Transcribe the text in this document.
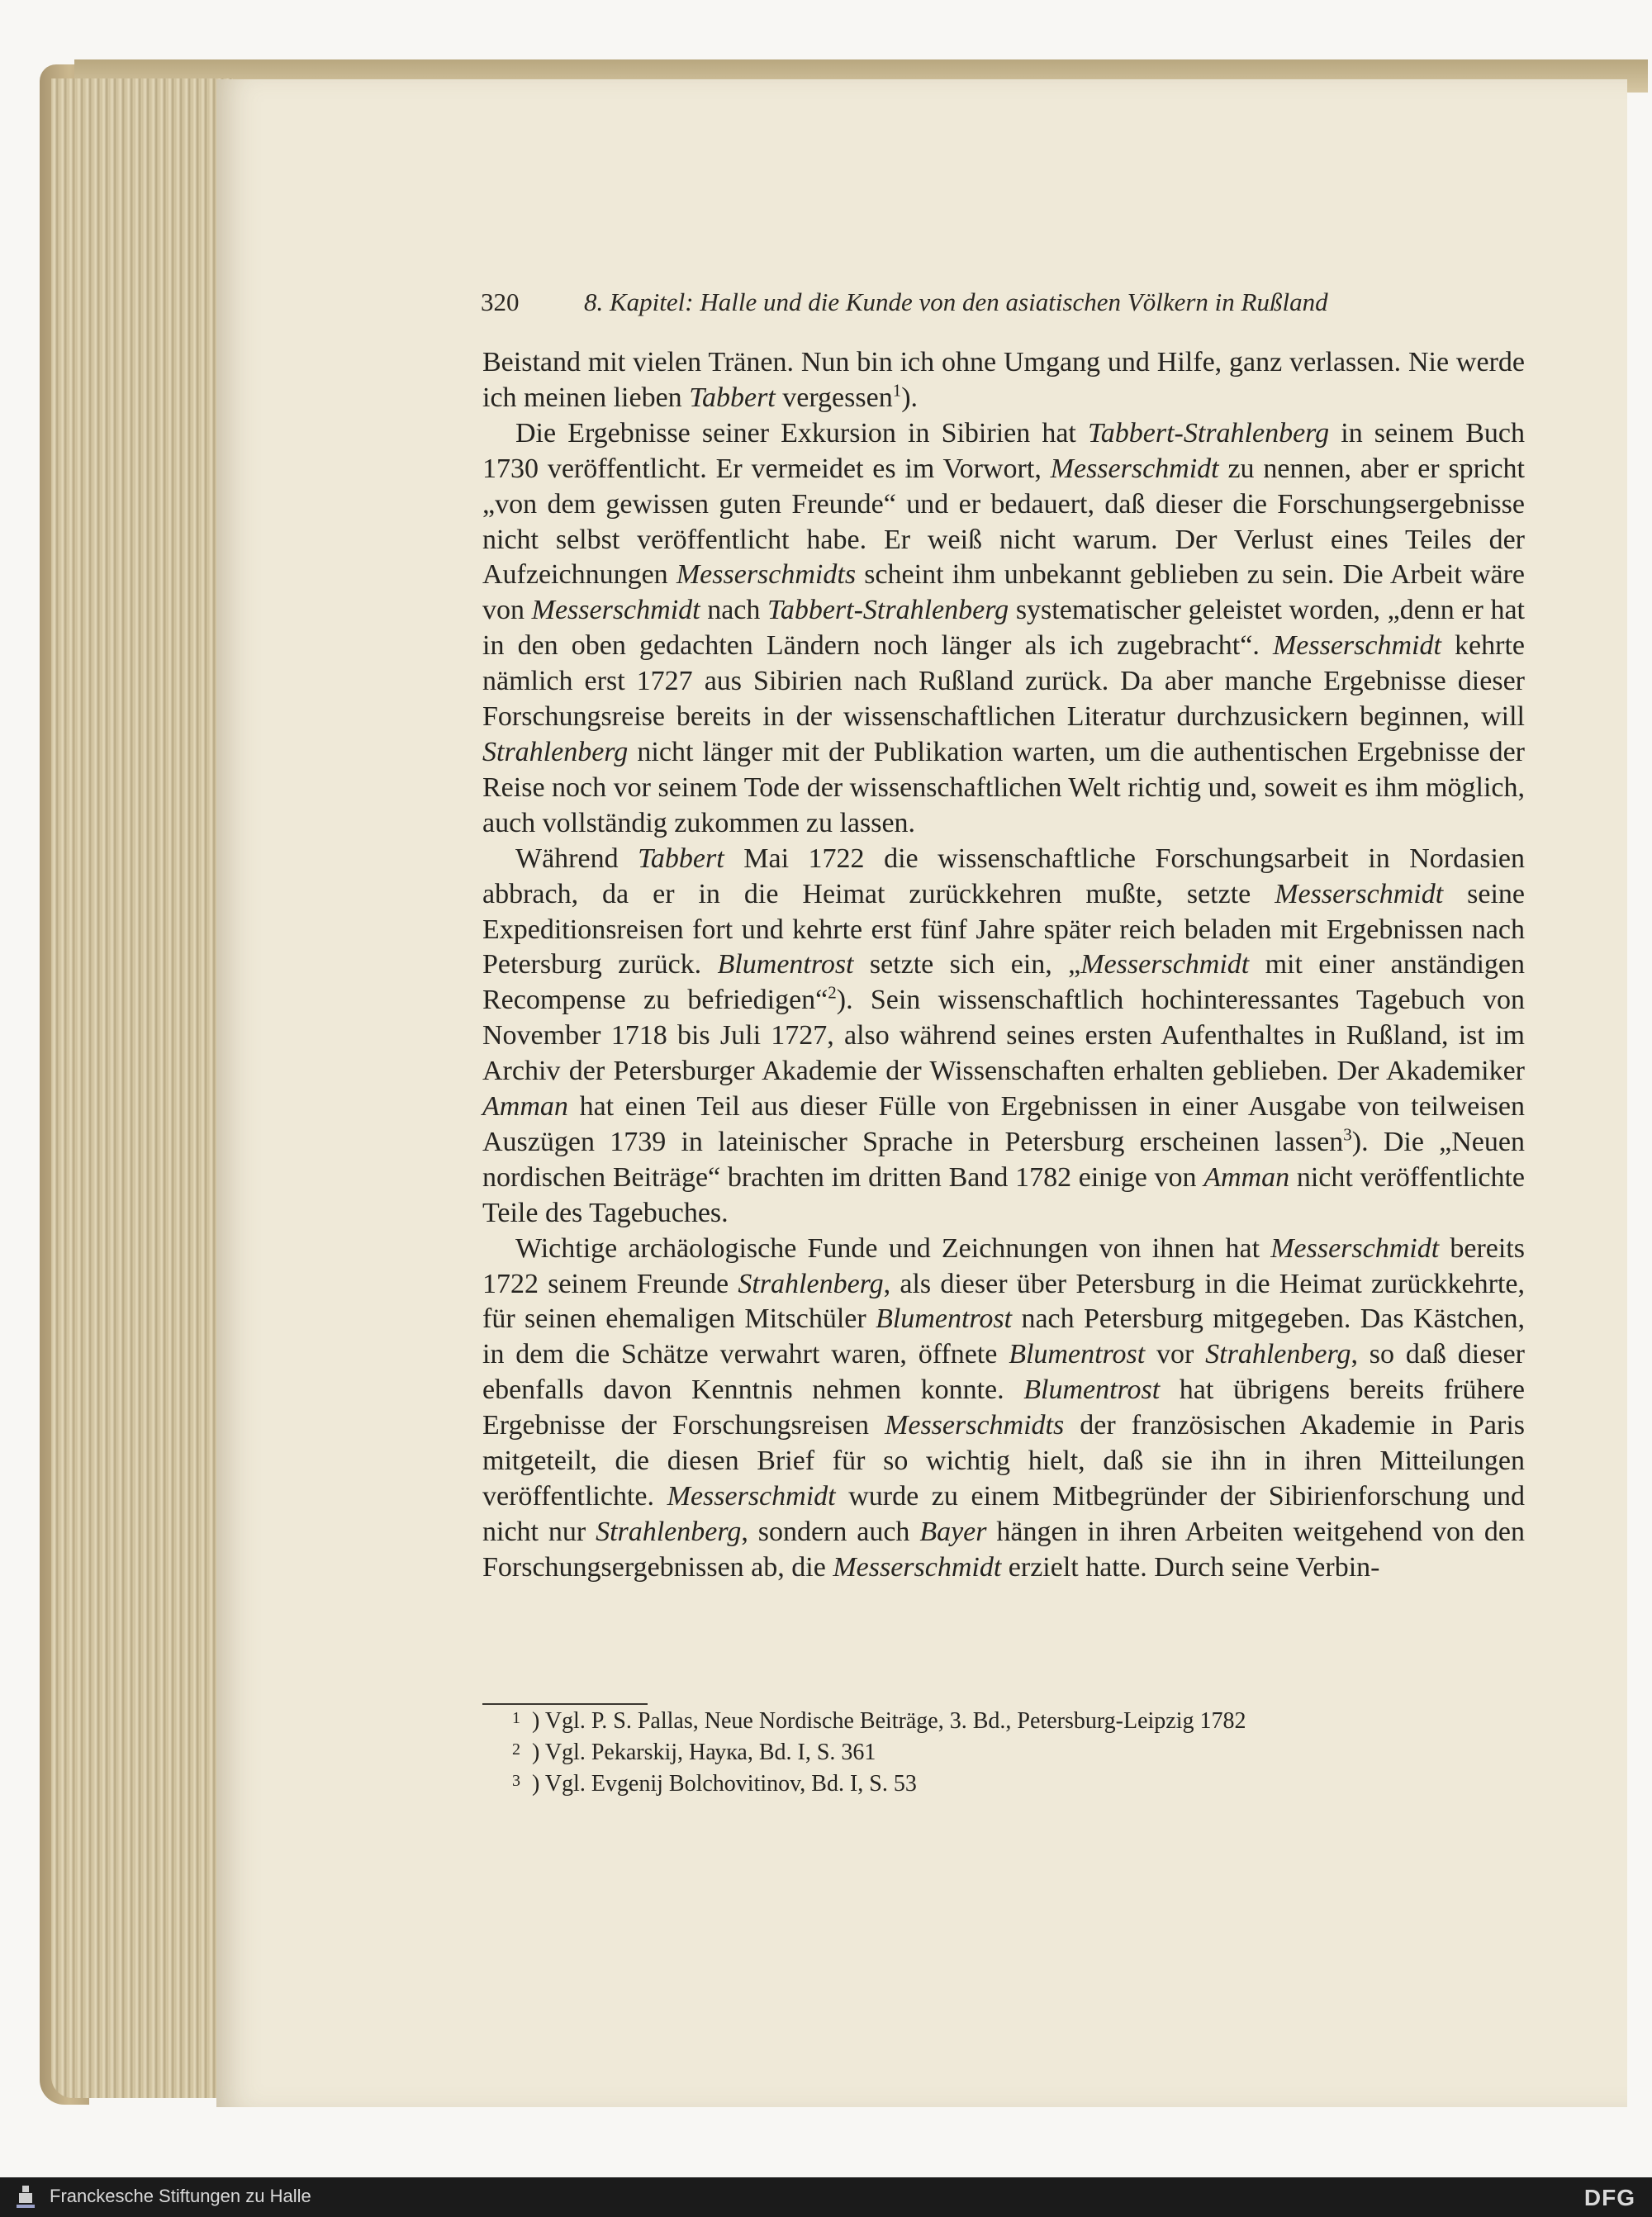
320	8. Kapitel: Halle und die Kunde von den asiatischen Völkern in Rußland

Beistand mit vielen Tränen. Nun bin ich ohne Umgang und Hilfe, ganz verlassen. Nie werde ich meinen lieben Tabbert vergessen$^1$).

Die Ergebnisse seiner Exkursion in Sibirien hat Tabbert-Strahlenberg in seinem Buch 1730 veröffentlicht. Er vermeidet es im Vorwort, Messerschmidt zu nennen, aber er spricht „von dem gewissen guten Freunde“ und er bedauert, daß dieser die Forschungsergebnisse nicht selbst veröffentlicht habe. Er weiß nicht warum. Der Verlust eines Teiles der Aufzeichnungen Messerschmidts scheint ihm unbekannt geblieben zu sein. Die Arbeit wäre von Messerschmidt nach Tabbert-Strahlenberg systematischer geleistet worden, „denn er hat in den oben gedachten Ländern noch länger als ich zugebracht“. Messerschmidt kehrte nämlich erst 1727 aus Sibirien nach Rußland zurück. Da aber manche Ergebnisse dieser Forschungsreise bereits in der wissenschaftlichen Literatur durchzusickern beginnen, will Strahlenberg nicht länger mit der Publikation warten, um die authentischen Ergebnisse der Reise noch vor seinem Tode der wissenschaftlichen Welt richtig und, soweit es ihm möglich, auch vollständig zukommen zu lassen.

Während Tabbert Mai 1722 die wissenschaftliche Forschungsarbeit in Nordasien abbrach, da er in die Heimat zurückkehren mußte, setzte Messerschmidt seine Expeditionsreisen fort und kehrte erst fünf Jahre später reich beladen mit Ergebnissen nach Petersburg zurück. Blumentrost setzte sich ein, „Messerschmidt mit einer anständigen Recompense zu befriedigen“$^2$). Sein wissenschaftlich hochinteressantes Tagebuch von November 1718 bis Juli 1727, also während seines ersten Aufenthaltes in Rußland, ist im Archiv der Petersburger Akademie der Wissenschaften erhalten geblieben. Der Akademiker Amman hat einen Teil aus dieser Fülle von Ergebnissen in einer Ausgabe von teilweisen Auszügen 1739 in lateinischer Sprache in Petersburg erscheinen lassen$^3$). Die „Neuen nordischen Beiträge“ brachten im dritten Band 1782 einige von Amman nicht veröffentlichte Teile des Tagebuches.

Wichtige archäologische Funde und Zeichnungen von ihnen hat Messerschmidt bereits 1722 seinem Freunde Strahlenberg, als dieser über Petersburg in die Heimat zurückkehrte, für seinen ehemaligen Mitschüler Blumentrost nach Petersburg mitgegeben. Das Kästchen, in dem die Schätze verwahrt waren, öffnete Blumentrost vor Strahlenberg, so daß dieser ebenfalls davon Kenntnis nehmen konnte. Blumentrost hat übrigens bereits frühere Ergebnisse der Forschungsreisen Messerschmidts der französischen Akademie in Paris mitgeteilt, die diesen Brief für so wichtig hielt, daß sie ihn in ihren Mitteilungen veröffentlichte. Messerschmidt wurde zu einem Mitbegründer der Sibirienforschung und nicht nur Strahlenberg, sondern auch Bayer hängen in ihren Arbeiten weitgehend von den Forschungsergebnissen ab, die Messerschmidt erzielt hatte. Durch seine Verbin-

$^1$ ) Vgl. P. S. Pallas, Neue Nordische Beiträge, 3. Bd., Petersburg-Leipzig 1782
$^2$ ) Vgl. Pekarskij, Наука, Bd. I, S. 361
$^3$ ) Vgl. Evgenij Bolchovitinov, Bd. I, S. 53
Franckesche Stiftungen zu Halle	DFG
